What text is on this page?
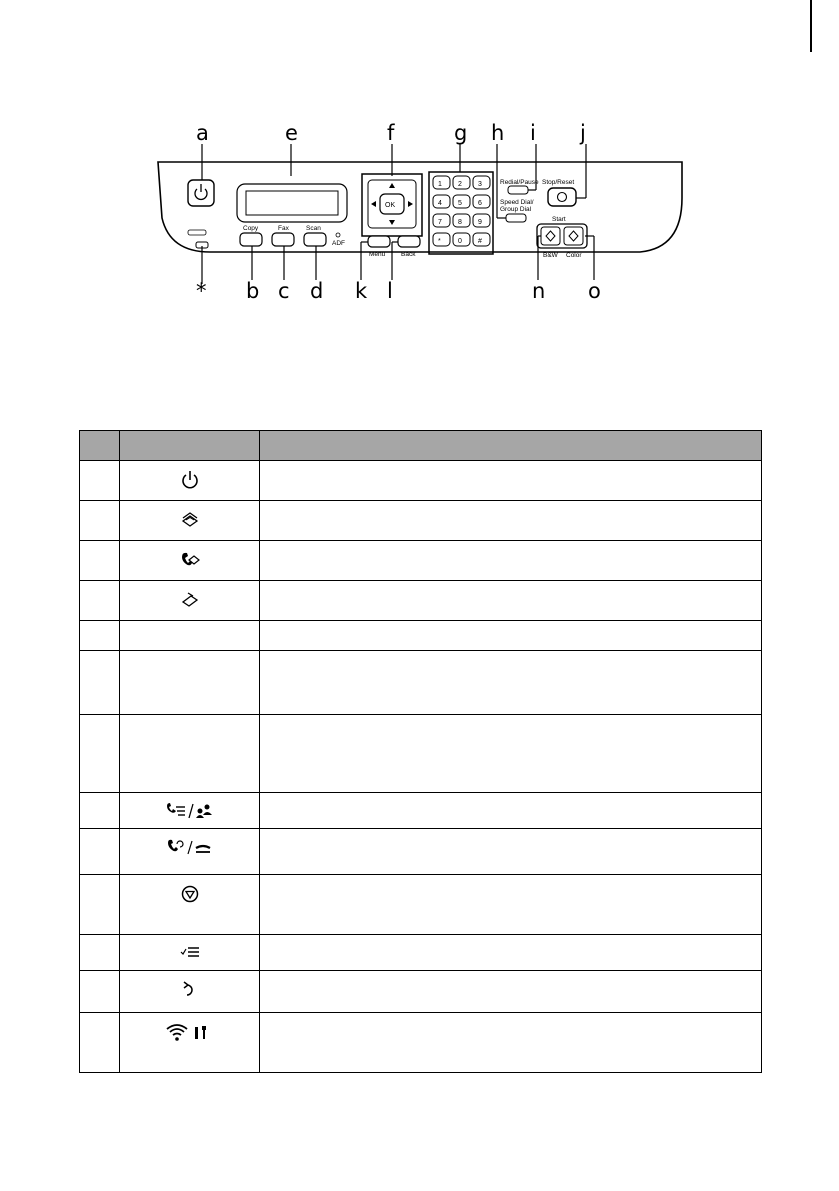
a	e	f	g h i j
* b c d k l	n o
Copy	Fax	Scan
ADF
OK
Menu Back
1 2 3
4 5 6
7 8 9
* 0 #
Redial/Pause
Speed Dial/
Group Dial
Stop/Reset
Start
B&W Color
